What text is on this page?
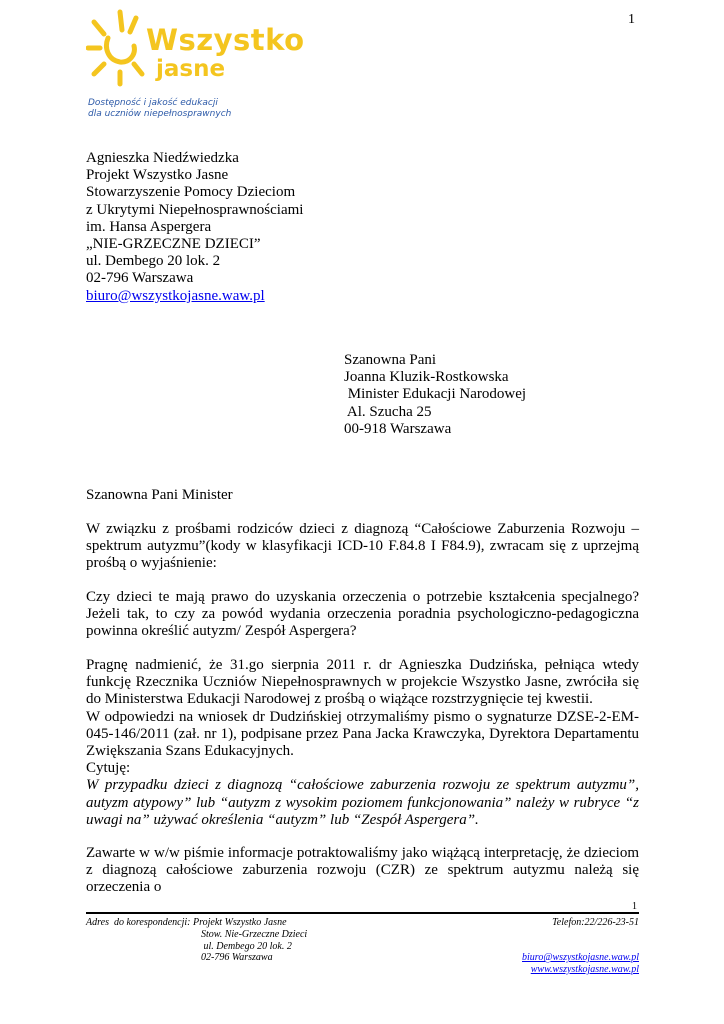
1
Wszystko
jasne
Dostępność i jakość edukacji
dla uczniów niepełnosprawnych
Agnieszka Niedźwiedzka
Projekt Wszystko Jasne
Stowarzyszenie Pomocy Dzieciom
z Ukrytymi Niepełnosprawnościami
im. Hansa Aspergera
„NIE-GRZECZNE DZIECI”
ul. Dembego 20 lok. 2
02-796 Warszawa
biuro@wszystkojasne.waw.pl
Szanowna Pani
Joanna Kluzik-Rostkowska
Minister Edukacji Narodowej
Al. Szucha 25
00-918 Warszawa
Szanowna Pani Minister

W związku z prośbami rodziców dzieci z diagnozą “Całościowe Zaburzenia Rozwoju – spektrum autyzmu”(kody w klasyfikacji ICD-10 F.84.8 I F84.9), zwracam się z uprzejmą prośbą o wyjaśnienie:

Czy dzieci te mają prawo do uzyskania orzeczenia o potrzebie kształcenia specjalnego? Jeżeli tak, to czy za powód wydania orzeczenia poradnia psychologiczno-pedagogiczna powinna określić autyzm/ Zespół Aspergera?

Pragnę nadmienić, że 31.go sierpnia 2011 r. dr Agnieszka Dudzińska, pełniąca wtedy funkcję Rzecznika Uczniów Niepełnosprawnych w projekcie Wszystko Jasne, zwróciła się do Ministerstwa Edukacji Narodowej z prośbą o wiążące rozstrzygnięcie tej kwestii.

W odpowiedzi na wniosek dr Dudzińskiej otrzymaliśmy pismo o sygnaturze DZSE-2-EM-045-146/2011 (zał. nr 1), podpisane przez Pana Jacka Krawczyka, Dyrektora Departamentu Zwiększania Szans Edukacyjnych.

Cytuję:

W przypadku dzieci z diagnozą “całościowe zaburzenia rozwoju ze spektrum autyzmu”, autyzm atypowy” lub “autyzm z wysokim poziomem funkcjonowania” należy w rubryce “z uwagi na” używać określenia “autyzm” lub “Zespół Aspergera”.

Zawarte w w/w piśmie informacje potraktowaliśmy jako wiążącą interpretację, że dzieciom z diagnozą całościowe zaburzenia rozwoju (CZR) ze spektrum autyzmu należą się orzeczenia o

1
Adres  do korespondencji: Projekt Wszystko Jasne
Stow. Nie-Grzeczne Dzieci
ul. Dembego 20 lok. 2
02-796 Warszawa
Telefon:22/226-23-51
biuro@wszystkojasne.waw.pl
www.wszystkojasne.waw.pl
